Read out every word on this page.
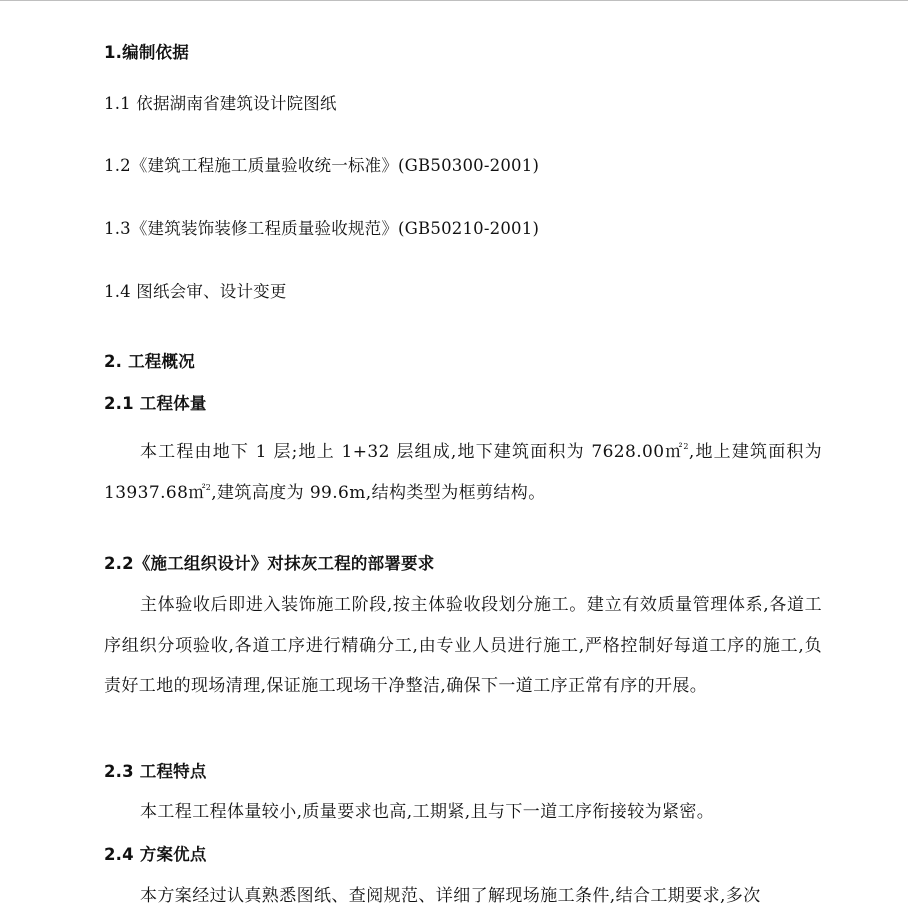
1.编制依据
1.1 依据湖南省建筑设计院图纸
1.2《建筑工程施工质量验收统一标准》(GB50300-2001)
1.3《建筑装饰装修工程质量验收规范》(GB50210-2001)
1.4 图纸会审、设计变更
2. 工程概况
2.1 工程体量
本工程由地下 1 层;地上 1+32 层组成,地下建筑面积为 7628.00㎡$^2$,地上建筑面积为 13937.68㎡$^2$,建筑高度为 99.6m,结构类型为框剪结构。
2.2《施工组织设计》对抹灰工程的部署要求
主体验收后即进入装饰施工阶段,按主体验收段划分施工。建立有效质量管理体系,各道工序组织分项验收,各道工序进行精确分工,由专业人员进行施工,严格控制好每道工序的施工,负责好工地的现场清理,保证施工现场干净整洁,确保下一道工序正常有序的开展。
2.3 工程特点
本工程工程体量较小,质量要求也高,工期紧,且与下一道工序衔接较为紧密。
2.4 方案优点
本方案经过认真熟悉图纸、查阅规范、详细了解现场施工条件,结合工期要求,多次
